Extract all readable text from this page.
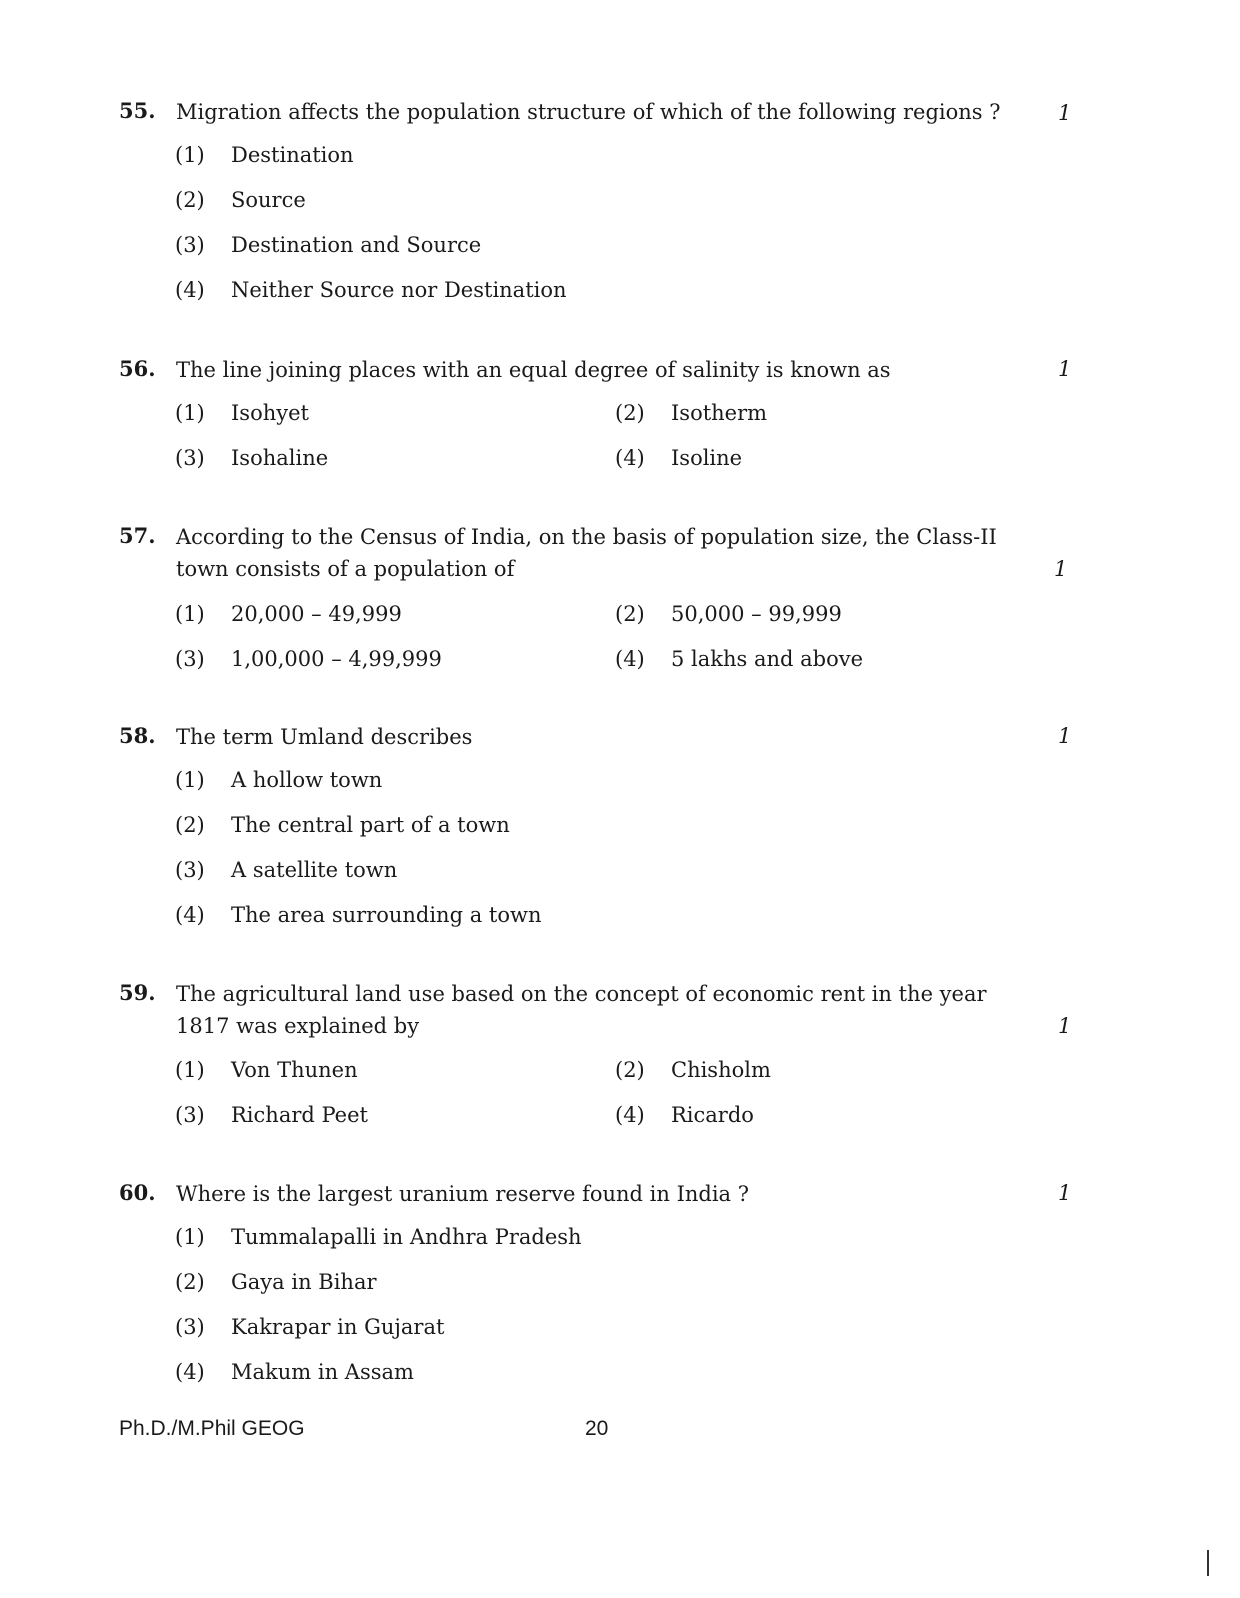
55. Migration affects the population structure of which of the following regions ?	1
(1) Destination
(2) Source
(3) Destination and Source
(4) Neither Source nor Destination
56. The line joining places with an equal degree of salinity is known as	1
(1) Isohyet	(2) Isotherm
(3) Isohaline	(4) Isoline
57. According to the Census of India, on the basis of population size, the Class-II town consists of a population of	1
(1) 20,000 – 49,999	(2) 50,000 – 99,999
(3) 1,00,000 – 4,99,999	(4) 5 lakhs and above
58. The term Umland describes	1
(1) A hollow town
(2) The central part of a town
(3) A satellite town
(4) The area surrounding a town
59. The agricultural land use based on the concept of economic rent in the year 1817 was explained by	1
(1) Von Thunen	(2) Chisholm
(3) Richard Peet	(4) Ricardo
60. Where is the largest uranium reserve found in India ?	1
(1) Tummalapalli in Andhra Pradesh
(2) Gaya in Bihar
(3) Kakrapar in Gujarat
(4) Makum in Assam
Ph.D./M.Phil GEOG	20
